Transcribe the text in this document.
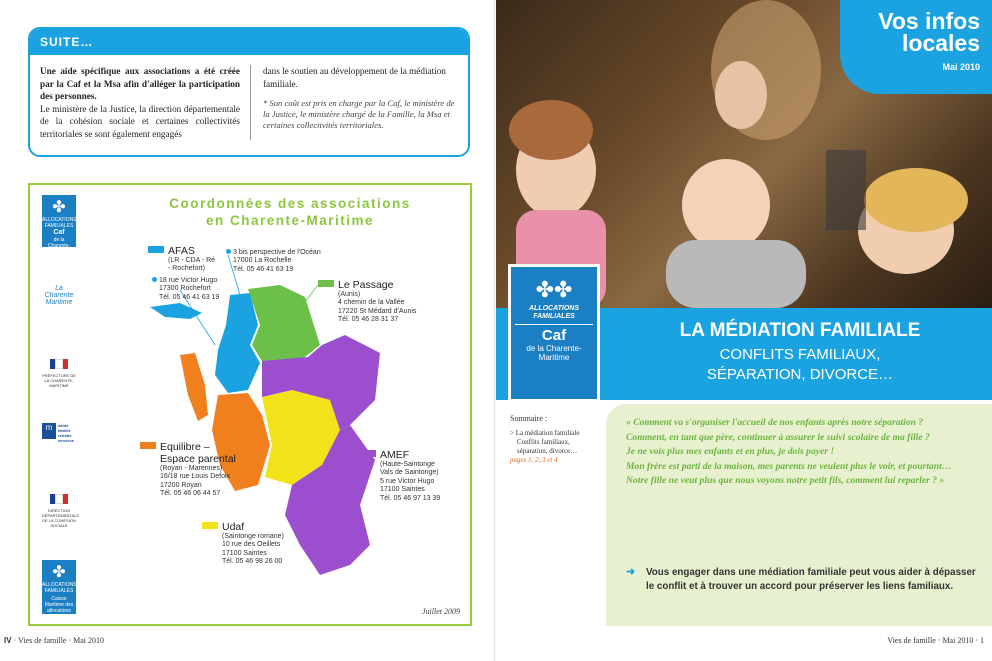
SUITE…
Une aide spécifique aux associations a été créée par la Caf et la Msa afin d'alléger la participation des personnes.
Le ministère de la Justice, la direction départementale de la cohésion sociale et certaines collectivités territoriales se sont également engagés
dans le soutien au développement de la médiation familiale.
* Son coût est pris en charge par la Caf, le ministère de la Justice, le ministère chargé de la Famille, la Msa et certaines collectivités territoriales.
Coordonnées des associations
en Charente-Maritime
AFAS
(LR - CDA - Ré - Rochefort)
3 bis perspective de l'Océan
17000 La Rochelle
Tél. 05 46 41 63 19
18 rue Victor Hugo
17300 Rochefort
Tél. 05 46 41 63 19
Le Passage
(Aunis)
4 chemin de la Vallée
17220 St Médard d'Aunis
Tél. 05 46 28 31 37
Equilibre –
Espace parental
(Royan - Marennes)
16/18 rue Louis Defoix
17200 Royan
Tél. 05 46 06 44 57
AMEF
(Haute-Saintonge
Vals de Saintonge)
5 rue Victor Hugo
17100 Saintes
Tél. 05 46 97 13 39
Udaf
(Saintonge romane)
10 rue des Oeillets
17100 Saintes
Tél. 05 46 98 26 00
Juillet 2009
✤
ALLOCATIONS FAMILIALES
Caf
de la Charente-Maritime
La
Charente
Maritime
PRÉFECTURE DE LA CHARENTE-MARITIME
m	santé
famille
retraite
services
DIRECTION DÉPARTEMENTALE DE LA COHÉSION SOCIALE
✤
ALLOCATIONS FAMILIALES
Caisse Maritime des allocations familiales
IV · Vies de famille · Mai 2010
Vos infos
locales
Mai 2010
✤✤
ALLOCATIONS
FAMILIALES
Caf
de la Charente-
Maritime
LA MÉDIATION FAMILIALE
CONFLITS FAMILIAUX,
SÉPARATION, DIVORCE…
Sommaire :
> La médiation familiale
Conflits familiaux,
séparation, divorce…
pages 1, 2, 3 et 4
« Comment va s'organiser l'accueil de nos enfants après notre séparation ?
Comment, en tant que père, continuer à assurer le suivi scolaire de ma fille ?
Je ne vois plus mes enfants et en plus, je dois payer !
Mon frère est parti de la maison, mes parents ne veulent plus le voir, et pourtant…
Notre fille ne veut plus que nous voyons notre petit fils, comment lui reparler ? »
➜ Vous engager dans une médiation familiale peut vous aider à dépasser le conflit et à trouver un accord pour préserver les liens familiaux.
Vies de famille · Mai 2010 · 1
